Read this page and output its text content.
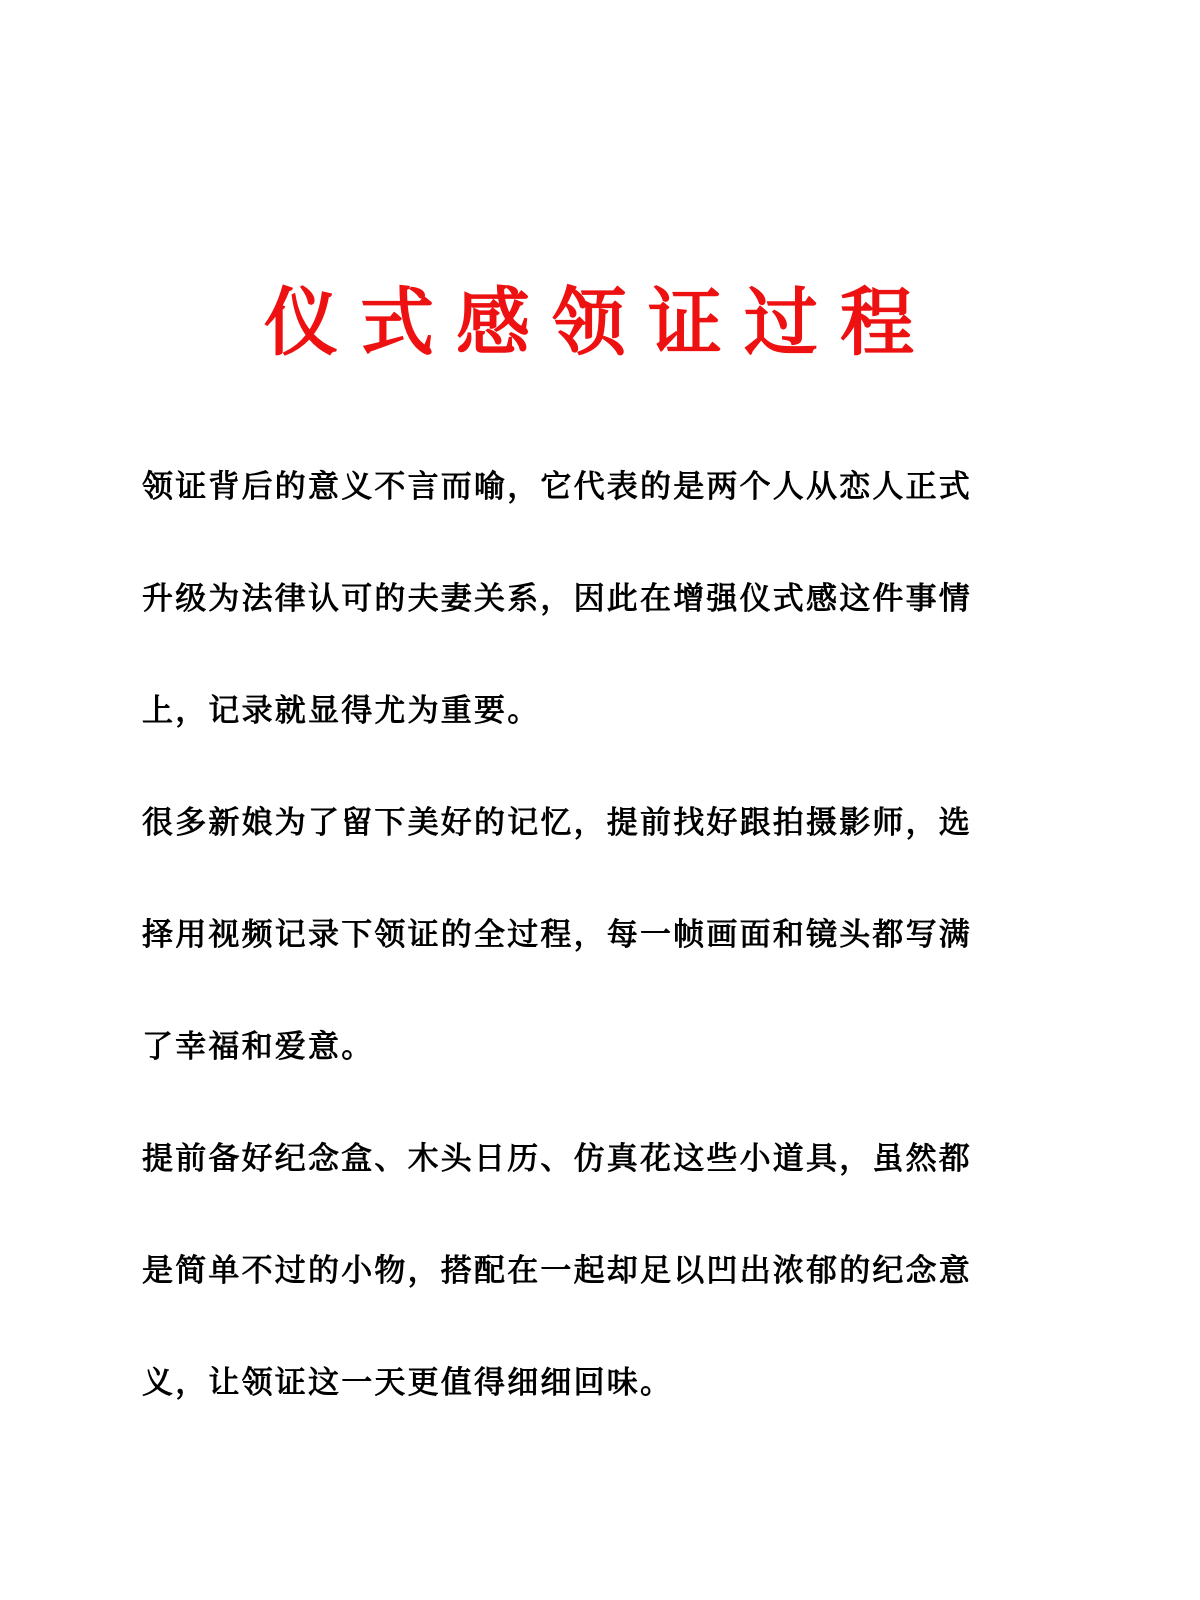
仪式感领证过程

领证背后的意义不言而喻，它代表的是两个人从恋人正式
升级为法律认可的夫妻关系，因此在增强仪式感这件事情
上，记录就显得尤为重要。

很多新娘为了留下美好的记忆，提前找好跟拍摄影师，选
择用视频记录下领证的全过程，每一帧画面和镜头都写满
了幸福和爱意。

提前备好纪念盒、木头日历、仿真花这些小道具，虽然都
是简单不过的小物，搭配在一起却足以凹出浓郁的纪念意
义，让领证这一天更值得细细回味。
